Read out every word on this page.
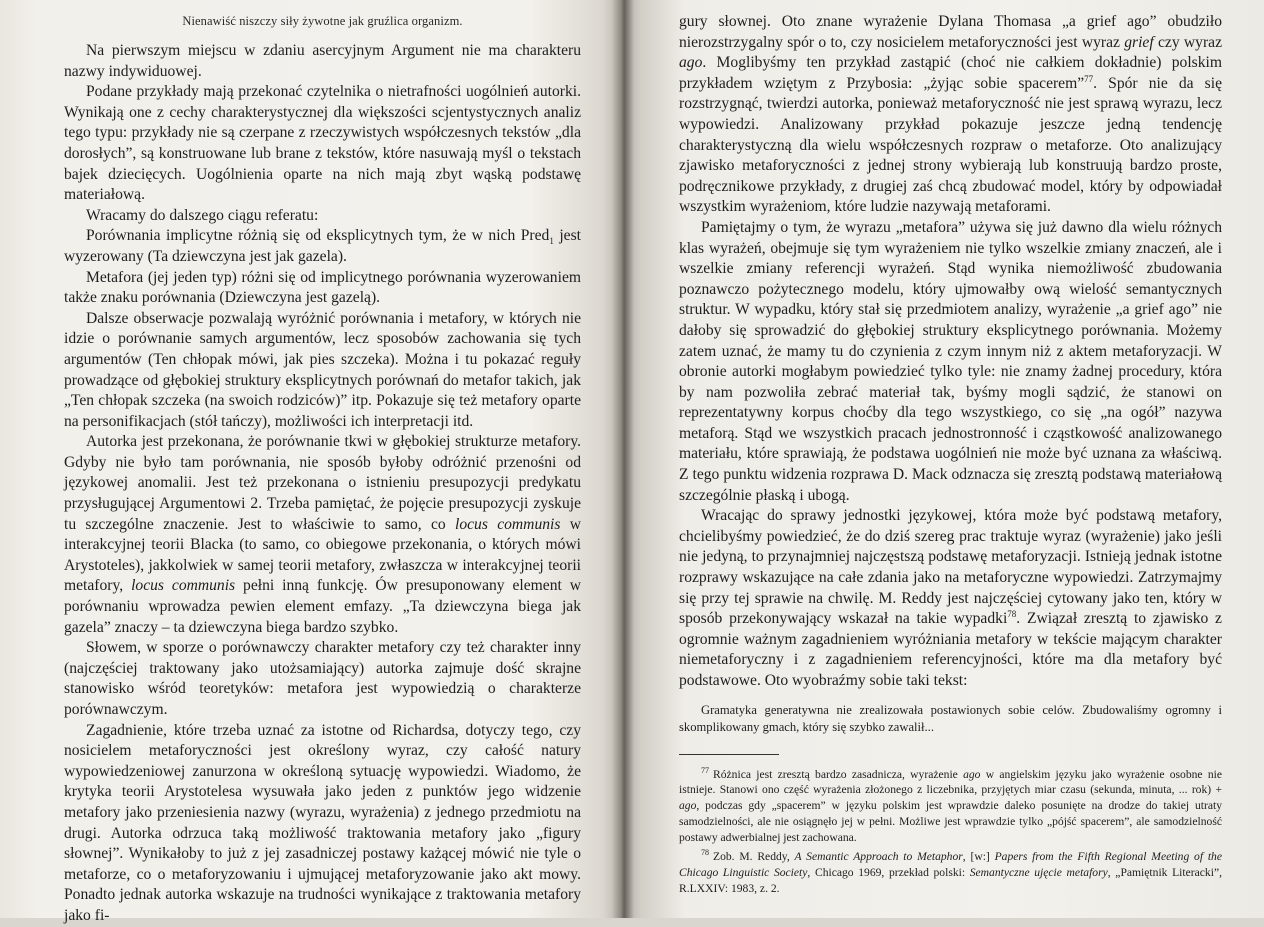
Nienawiść niszczy siły żywotne jak gruźlica organizm.

Na pierwszym miejscu w zdaniu asercyjnym Argument nie ma charakteru nazwy indywiduowej.

Podane przykłady mają przekonać czytelnika o nietrafności uogólnień autorki. Wynikają one z cechy charakterystycznej dla większości scjentystycznych analiz tego typu: przykłady nie są czerpane z rzeczywistych współczesnych tekstów „dla dorosłych”, są konstruowane lub brane z tekstów, które nasuwają myśl o tekstach bajek dziecięcych. Uogólnienia oparte na nich mają zbyt wąską podstawę materiałową.

Wracamy do dalszego ciągu referatu:

Porównania implicytne różnią się od eksplicytnych tym, że w nich Pred$_1$ jest wyzerowany (Ta dziewczyna jest jak gazela).

Metafora (jej jeden typ) różni się od implicytnego porównania wyzerowaniem także znaku porównania (Dziewczyna jest gazelą).

Dalsze obserwacje pozwalają wyróżnić porównania i metafory, w których nie idzie o porównanie samych argumentów, lecz sposobów zachowania się tych argumentów (Ten chłopak mówi, jak pies szczeka). Można i tu pokazać reguły prowadzące od głębokiej struktury eksplicytnych porównań do metafor takich, jak „Ten chłopak szczeka (na swoich rodziców)” itp. Pokazuje się też metafory oparte na personifikacjach (stół tańczy), możliwości ich interpretacji itd.

Autorka jest przekonana, że porównanie tkwi w głębokiej strukturze metafory. Gdyby nie było tam porównania, nie sposób byłoby odróżnić przenośni od językowej anomalii. Jest też przekonana o istnieniu presupozycji predykatu przysługującej Argumentowi 2. Trzeba pamiętać, że pojęcie presupozycji zyskuje tu szczególne znaczenie. Jest to właściwie to samo, co locus communis w interakcyjnej teorii Blacka (to samo, co obiegowe przekonania, o których mówi Arystoteles), jakkolwiek w samej teorii metafory, zwłaszcza w interakcyjnej teorii metafory, locus communis pełni inną funkcję. Ów presuponowany element w porównaniu wprowadza pewien element emfazy. „Ta dziewczyna biega jak gazela” znaczy – ta dziewczyna biega bardzo szybko.

Słowem, w sporze o porównawczy charakter metafory czy też charakter inny (najczęściej traktowany jako utożsamiający) autorka zajmuje dość skrajne stanowisko wśród teoretyków: metafora jest wypowiedzią o charakterze porównawczym.

Zagadnienie, które trzeba uznać za istotne od Richardsa, dotyczy tego, czy nosicielem metaforyczności jest określony wyraz, czy całość natury wypowiedzeniowej zanurzona w określoną sytuację wypowiedzi. Wiadomo, że krytyka teorii Arystotelesa wysuwała jako jeden z punktów jego widzenie metafory jako przeniesienia nazwy (wyrazu, wyrażenia) z jednego przedmiotu na drugi. Autorka odrzuca taką możliwość traktowania metafory jako „figury słownej”. Wynikałoby to już z jej zasadniczej postawy każącej mówić nie tyle o metaforze, co o metaforyzowaniu i ujmującej metaforyzowanie jako akt mowy. Ponadto jednak autorka wskazuje na trudności wynikające z traktowania metafory jako fi-

gury słownej. Oto znane wyrażenie Dylana Thomasa „a grief ago” obudziło nierozstrzygalny spór o to, czy nosicielem metaforyczności jest wyraz grief czy wyraz ago. Moglibyśmy ten przykład zastąpić (choć nie całkiem dokładnie) polskim przykładem wziętym z Przybosia: „żyjąc sobie spacerem”$^{77}$. Spór nie da się rozstrzygnąć, twierdzi autorka, ponieważ metaforyczność nie jest sprawą wyrazu, lecz wypowiedzi. Analizowany przykład pokazuje jeszcze jedną tendencję charakterystyczną dla wielu współczesnych rozpraw o metaforze. Oto analizujący zjawisko metaforyczności z jednej strony wybierają lub konstruują bardzo proste, podręcznikowe przykłady, z drugiej zaś chcą zbudować model, który by odpowiadał wszystkim wyrażeniom, które ludzie nazywają metaforami.

Pamiętajmy o tym, że wyrazu „metafora” używa się już dawno dla wielu różnych klas wyrażeń, obejmuje się tym wyrażeniem nie tylko wszelkie zmiany znaczeń, ale i wszelkie zmiany referencji wyrażeń. Stąd wynika niemożliwość zbudowania poznawczo pożytecznego modelu, który ujmowałby ową wielość semantycznych struktur. W wypadku, który stał się przedmiotem analizy, wyrażenie „a grief ago” nie dałoby się sprowadzić do głębokiej struktury eksplicytnego porównania. Możemy zatem uznać, że mamy tu do czynienia z czym innym niż z aktem metaforyzacji. W obronie autorki mogłabym powiedzieć tylko tyle: nie znamy żadnej procedury, która by nam pozwoliła zebrać materiał tak, byśmy mogli sądzić, że stanowi on reprezentatywny korpus choćby dla tego wszystkiego, co się „na ogół” nazywa metaforą. Stąd we wszystkich pracach jednostronność i cząstkowość analizowanego materiału, które sprawiają, że podstawa uogólnień nie może być uznana za właściwą. Z tego punktu widzenia rozprawa D. Mack odznacza się zresztą podstawą materiałową szczególnie płaską i ubogą.

Wracając do sprawy jednostki językowej, która może być podstawą metafory, chcielibyśmy powiedzieć, że do dziś szereg prac traktuje wyraz (wyrażenie) jako jeśli nie jedyną, to przynajmniej najczęstszą podstawę metaforyzacji. Istnieją jednak istotne rozprawy wskazujące na całe zdania jako na metaforyczne wypowiedzi. Zatrzymajmy się przy tej sprawie na chwilę. M. Reddy jest najczęściej cytowany jako ten, który w sposób przekonywający wskazał na takie wypadki$^{78}$. Związał zresztą to zjawisko z ogromnie ważnym zagadnieniem wyróżniania metafory w tekście mającym charakter niemetaforyczny i z zagadnieniem referencyjności, które ma dla metafory być podstawowe. Oto wyobraźmy sobie taki tekst:

Gramatyka generatywna nie zrealizowała postawionych sobie celów. Zbudowaliśmy ogromny i skomplikowany gmach, który się szybko zawalił...

$^{77}$ Różnica jest zresztą bardzo zasadnicza, wyrażenie ago w angielskim języku jako wyrażenie osobne nie istnieje. Stanowi ono część wyrażenia złożonego z liczebnika, przyjętych miar czasu (sekunda, minuta, ... rok) + ago, podczas gdy „spacerem” w języku polskim jest wprawdzie daleko posunięte na drodze do takiej utraty samodzielności, ale nie osiągnęło jej w pełni. Możliwe jest wprawdzie tylko „pójść spacerem”, ale samodzielność postawy adwerbialnej jest zachowana.

$^{78}$ Zob. M. Reddy, A Semantic Approach to Metaphor, [w:] Papers from the Fifth Regional Meeting of the Chicago Linguistic Society, Chicago 1969, przekład polski: Semantyczne ujęcie metafory, „Pamiętnik Literacki”, R.LXXIV: 1983, z. 2.
